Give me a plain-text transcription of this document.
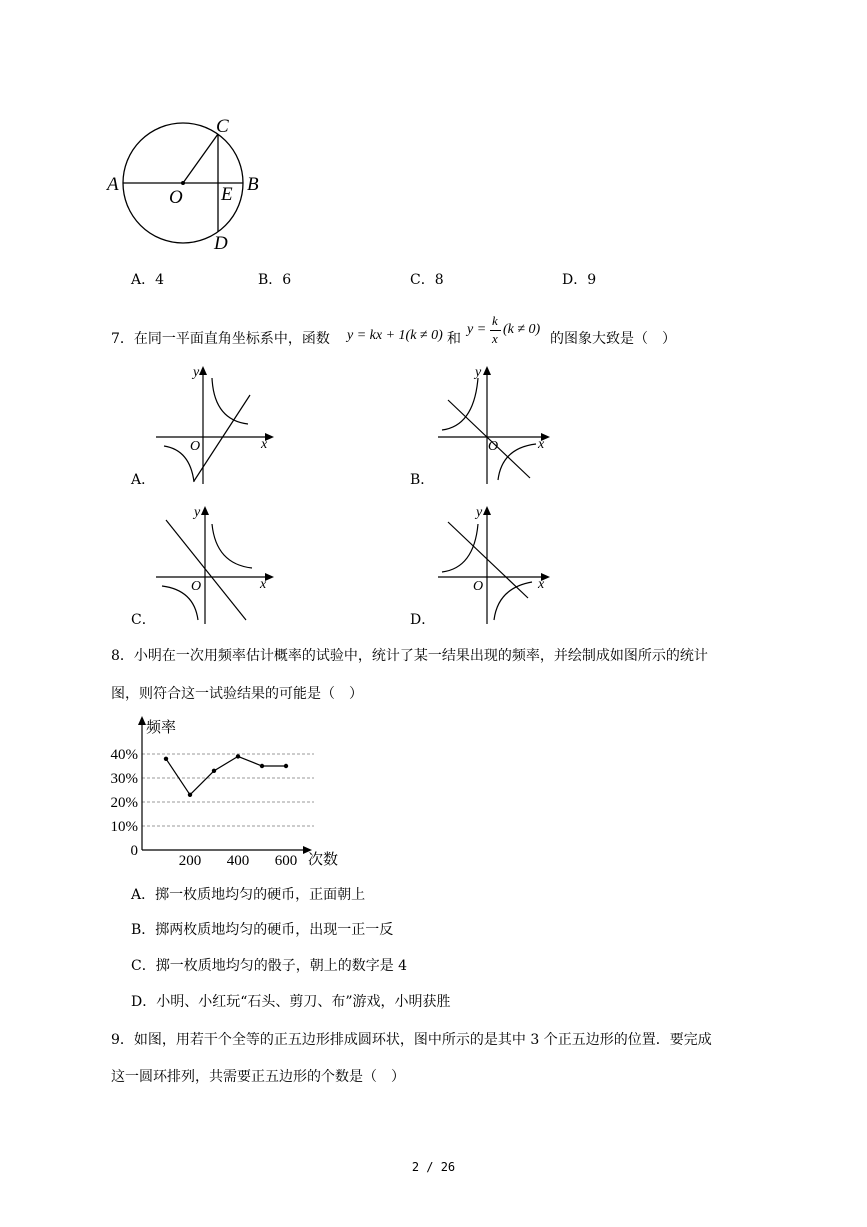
C
A	B
O E
D
A．4	B．6	C．8	D．9
7．在同一平面直角坐标系中，函数 y = kx + 1(k ≠ 0) 和
y =
k
x
(k ≠ 0)
的图象大致是（　）
y
x
O
A．
y
x
O
B．
y
x
O
C．
y
x
O
D．
8．小明在一次用频率估计概率的试验中，统计了某一结果出现的频率，并绘制成如图所示的统计
图，则符合这一试验结果的可能是（　）
频率
次数
0
10%
20%
30%
40%
200 400 600
A．掷一枚质地均匀的硬币，正面朝上
B．掷两枚质地均匀的硬币，出现一正一反
C．掷一枚质地均匀的骰子，朝上的数字是 4
D．小明、小红玩“石头、剪刀、布”游戏，小明获胜
9．如图，用若干个全等的正五边形排成圆环状，图中所示的是其中 3 个正五边形的位置．要完成
这一圆环排列，共需要正五边形的个数是（　）
2 / 26
